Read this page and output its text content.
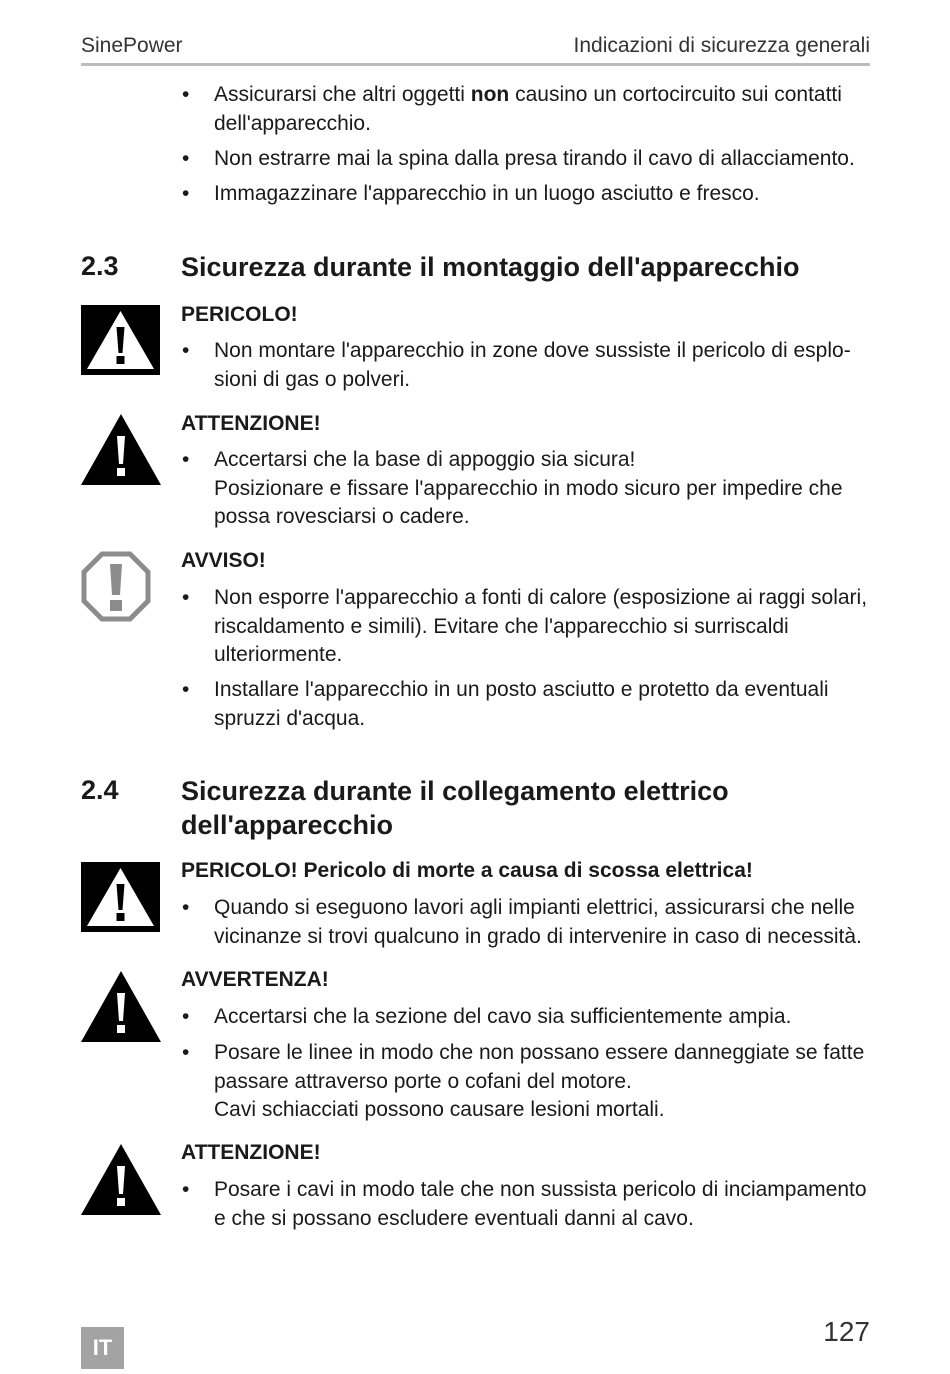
SinePower	Indicazioni di sicurezza generali
• Assicurarsi che altri oggetti non causino un cortocircuito sui contatti dell'apparecchio.
• Non estrarre mai la spina dalla presa tirando il cavo di allacciamento.
• Immagazzinare l'apparecchio in un luogo asciutto e fresco.
2.3 Sicurezza durante il montaggio dell'apparecchio
PERICOLO!
• Non montare l'apparecchio in zone dove sussiste il pericolo di esplo-sioni di gas o polveri.
ATTENZIONE!
• Accertarsi che la base di appoggio sia sicura!
Posizionare e fissare l'apparecchio in modo sicuro per impedire che possa rovesciarsi o cadere.
AVVISO!
• Non esporre l'apparecchio a fonti di calore (esposizione ai raggi solari, riscaldamento e simili). Evitare che l'apparecchio si surriscaldi ulteriormente.
• Installare l'apparecchio in un posto asciutto e protetto da eventuali spruzzi d'acqua.
2.4 Sicurezza durante il collegamento elettrico
dell'apparecchio
PERICOLO! Pericolo di morte a causa di scossa elettrica!
• Quando si eseguono lavori agli impianti elettrici, assicurarsi che nelle vicinanze si trovi qualcuno in grado di intervenire in caso di necessità.
AVVERTENZA!
• Accertarsi che la sezione del cavo sia sufficientemente ampia.
• Posare le linee in modo che non possano essere danneggiate se fatte passare attraverso porte o cofani del motore.
Cavi schiacciati possono causare lesioni mortali.
ATTENZIONE!
• Posare i cavi in modo tale che non sussista pericolo di inciampamento e che si possano escludere eventuali danni al cavo.
IT
127
